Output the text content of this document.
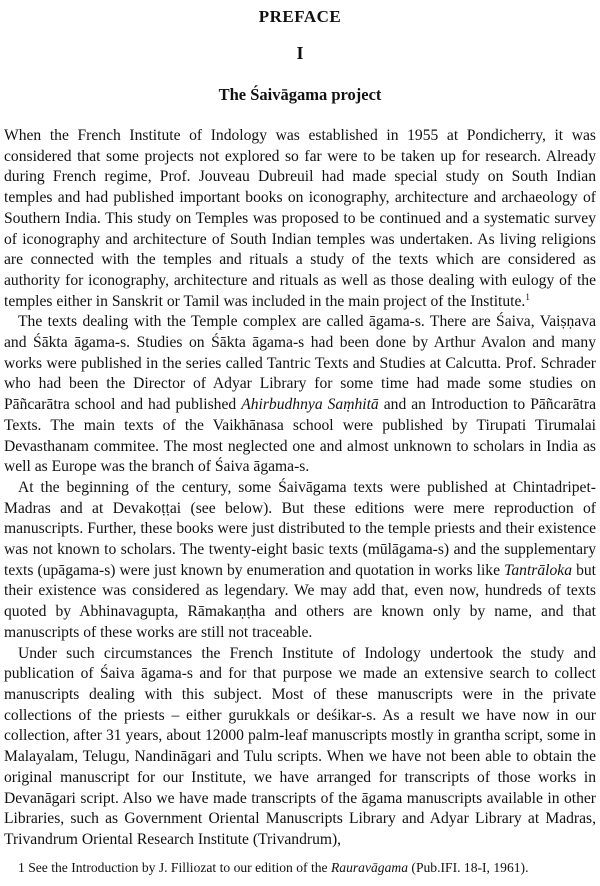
PREFACE
I
The Śaivāgama project

When the French Institute of Indology was established in 1955 at Pondicherry, it was considered that some projects not explored so far were to be taken up for research. Already during French regime, Prof. Jouveau Dubreuil had made special study on South Indian temples and had published important books on iconography, architecture and archaeology of Southern India. This study on Temples was proposed to be continued and a systematic survey of iconography and architecture of South Indian temples was undertaken. As living religions are connected with the temples and rituals a study of the texts which are considered as authority for iconography, architecture and rituals as well as those dealing with eulogy of the temples either in Sanskrit or Tamil was included in the main project of the Institute.$^1$

The texts dealing with the Temple complex are called āgama-s. There are Śaiva, Vaiṣṇava and Śākta āgama-s. Studies on Śākta āgama-s had been done by Arthur Avalon and many works were published in the series called Tantric Texts and Studies at Calcutta. Prof. Schrader who had been the Director of Adyar Library for some time had made some studies on Pāñcarātra school and had published Ahirbudhnya Saṃhitā and an Introduction to Pāñcarātra Texts. The main texts of the Vaikhānasa school were published by Tirupati Tirumalai Devasthanam commitee. The most neglected one and almost unknown to scholars in India as well as Europe was the branch of Śaiva āgama-s.

At the beginning of the century, some Śaivāgama texts were published at Chintadripet-Madras and at Devakoṭṭai (see below). But these editions were mere reproduction of manuscripts. Further, these books were just distributed to the temple priests and their existence was not known to scholars. The twenty-eight basic texts (mūlāgama-s) and the supplementary texts (upāgama-s) were just known by enumeration and quotation in works like Tantrāloka but their existence was considered as legendary. We may add that, even now, hundreds of texts quoted by Abhinavagupta, Rāmakaṇṭha and others are known only by name, and that manuscripts of these works are still not traceable.

Under such circumstances the French Institute of Indology undertook the study and publication of Śaiva āgama-s and for that purpose we made an extensive search to collect manuscripts dealing with this subject. Most of these manuscripts were in the private collections of the priests – either gurukkals or deśikar-s. As a result we have now in our collection, after 31 years, about 12000 palm-leaf manuscripts mostly in grantha script, some in Malayalam, Telugu, Nandināgari and Tulu scripts. When we have not been able to obtain the original manuscript for our Institute, we have arranged for transcripts of those works in Devanāgari script. Also we have made transcripts of the āgama manuscripts available in other Libraries, such as Government Oriental Manuscripts Library and Adyar Library at Madras, Trivandrum Oriental Research Institute (Trivandrum),

1 See the Introduction by J. Filliozat to our edition of the Rauravāgama (Pub.IFI. 18-I, 1961).
